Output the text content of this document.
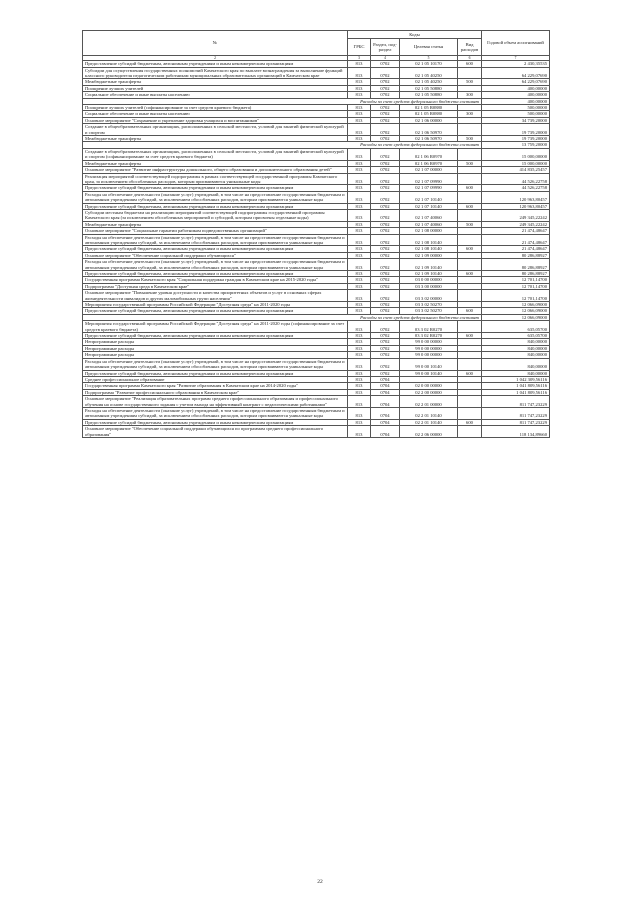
№	Коды				Годовой объем ассигнований
	ГРБС	Раздел, под-раздел	Целевая статья	Вид расходов	
2	3	4	5	6	7
Предоставление субсидий бюджетным, автономным учреждениям и иным некоммерческим организациям	813	0702	02 1 05 10170	600	2 430,35535
Субсидии для осуществления государственных полномочий Камчатского края по выплате вознаграждения за выполнение функций классного руководителя педагогическим работникам муниципальных образовательных организаций в Камчатском крае	813	0702	02 1 05 40250		64 229,07690
Межбюджетные трансферты	813	0702	02 1 05 40250	500	64 229,07690
Поощрение лучших учителей	813	0702	02 1 05 50880		400,00000
Социальное обеспечение и иные выплаты населению	813	0702	02 1 05 50880	300	400,00000
Расходы за счет средств федерального бюджета составят					400,00000
Поощрение лучших учителей (софинансирование за счет средств краевого бюджета)	813	0702	02 1 05 R0880		500,00000
Социальное обеспечение и иные выплаты населению	813	0702	02 1 05 R0880	300	500,00000
Основное мероприятие "Сохранение и укрепление здоровья учащихся и воспитанников"	813	0702	02 1 06 00000		34 739,20000
Создание в общеобразовательных организациях, расположенных в сельской местности, условий для занятий физической культурой и спортом	813	0702	02 1 06 50970		19 739,20000
Межбюджетные трансферты	813	0702	02 1 06 50970	500	19 739,20000
Расходы за счет средств федерального бюджета составят					13 759,20000
Создание в общеобразовательных организациях, расположенных в сельской местности, условий для занятий физической культурой и спортом (софинансирование за счет средств краевого бюджета)	813	0702	02 1 06 R0970		15 000,00000
Межбюджетные трансферты	813	0702	02 1 06 R0970	500	15 000,00000
Основное мероприятие "Развитие инфраструктуры дошкольного, общего образования и дополнительного образования детей"	813	0702	02 1 07 00000		414 835,25457
Реализация мероприятий соответствующей подпрограммы в рамках соответствующей государственной программы Камчатского края, за исключением обособленных расходов, которым присваиваются уникальные коды	813	0702	02 1 07 09990		44 526,22758
Предоставление субсидий бюджетным, автономным учреждениям и иным некоммерческим организациям	813	0702	02 1 07 09990	600	44 526,22758
Расходы на обеспечение деятельности (оказание услуг) учреждений, в том числе на предоставление государственным бюджетным и автономным учреждениям субсидий, за исключением обособленных расходов, которым присваиваются уникальные коды	813	0702	02 1 07 10140		120 963,80457
Предоставление субсидий бюджетным, автономным учреждениям и иным некоммерческим организациям	813	0702	02 1 07 10140	600	120 963,80457
Субсидии местным бюджетам на реализацию мероприятий соответствующей подпрограммы государственной программы Камчатского края (за исключением обособленных мероприятий и субсидий, которым присвоены отдельные коды)	813	0702	02 1 07 40060		249 345,22242
Межбюджетные трансферты	813	0702	02 1 07 40060	500	249 345,22242
Основное мероприятие "Социальные гарантии работникам подведомственных организаций"	813	0702	02 1 08 00000		21 474,48647
Расходы на обеспечение деятельности (оказание услуг) учреждений, в том числе на предоставление государственным бюджетным и автономным учреждениям субсидий, за исключением обособленных расходов, которым присваиваются уникальные коды	813	0702	02 1 08 10140		21 474,48647
Предоставление субсидий бюджетным, автономным учреждениям и иным некоммерческим организациям	813	0702	02 1 08 10140	600	21 474,48647
Основное мероприятие "Обеспечение социальной поддержки обучающихся"	813	0702	02 1 09 00000		80 286,88927
Расходы на обеспечение деятельности (оказание услуг) учреждений, в том числе на предоставление государственным бюджетным и автономным учреждениям субсидий, за исключением обособленных расходов, которым присваиваются уникальные коды	813	0702	02 1 09 10140		80 286,88927
Предоставление субсидий бюджетным, автономным учреждениям и иным некоммерческим организациям	813	0702	02 1 09 10140	600	80 286,88927
Государственная программа Камчатского края "Социальная поддержка граждан в Камчатском крае на 2015-2020 годы"	813	0702	03 0 00 00000		12 701,14700
Подпрограмма "Доступная среда в Камчатском крае"	813	0702	03 3 00 00000		12 701,14700
Основное мероприятие "Повышение уровня доступности и качества приоритетных объектов и услуг в основных сферах жизнедеятельности инвалидов и других маломобильных групп населения"	813	0702	03 3 02 00000		12 701,14700
Мероприятия государственной программы Российской Федерации "Доступная среда" на 2011-2020 годы	813	0702	03 3 02 50270		12 066,09000
Предоставление субсидий бюджетным, автономным учреждениям и иным некоммерческим организациям	813	0702	03 3 02 50270	600	12 066,09000
Расходы за счет средств федерального бюджета составят					12 066,09000
Мероприятия государственной программы Российской Федерации "Доступная среда" на 2011-2020 годы (софинансирование за счет средств краевого бюджета)	813	0702	03 3 02 R0270		635,05700
Предоставление субсидий бюджетным, автономным учреждениям и иным некоммерческим организациям	813	0702	03 3 02 R0270	600	635,05700
Непрограммные расходы	813	0702	99 0 00 00000		840,00000
Непрограммные расходы	813	0702	99 0 00 00000		840,00000
Непрограммные расходы	813	0702	99 0 00 00000		840,00000
Расходы на обеспечение деятельности (оказание услуг) учреждений, в том числе на предоставление государственным бюджетным и автономным учреждениям субсидий, за исключением обособленных расходов, которым присваиваются уникальные коды	813	0702	99 0 00 10140		840,00000
Предоставление субсидий бюджетным, автономным учреждениям и иным некоммерческим организациям	813	0702	99 0 00 10140	600	840,00000
Среднее профессиональное образование	813	0704			1 042 309,56116
Государственная программа Камчатского края "Развитие образования в Камчатском крае на 2014-2020 годы"	813	0704	02 0 00 00000		1 041 809,56116
Подпрограмма "Развитие профессионального образования в Камчатском крае"	813	0704	02 2 00 00000		1 041 809,56116
Основное мероприятие "Реализация образовательных программ среднего профессионального образования и профессионального обучения на основе государственного задания с учетом выхода на эффективный контракт с педагогическими работниками"	813	0704	02 2 01 00000		811 747,23229
Расходы на обеспечение деятельности (оказание услуг) учреждений, в том числе на предоставление государственным бюджетным и автономным учреждениям субсидий, за исключением обособленных расходов, которым присваиваются уникальные коды	813	0704	02 2 01 10140		811 747,23229
Предоставление субсидий бюджетным, автономным учреждениям и иным некоммерческим организациям	813	0704	02 2 01 10140	600	811 747,23229
Основное мероприятие "Обеспечение социальной поддержки обучающихся по программам среднего профессионального образования"	813	0704	02 2 06 00000		118 134,89660
22
